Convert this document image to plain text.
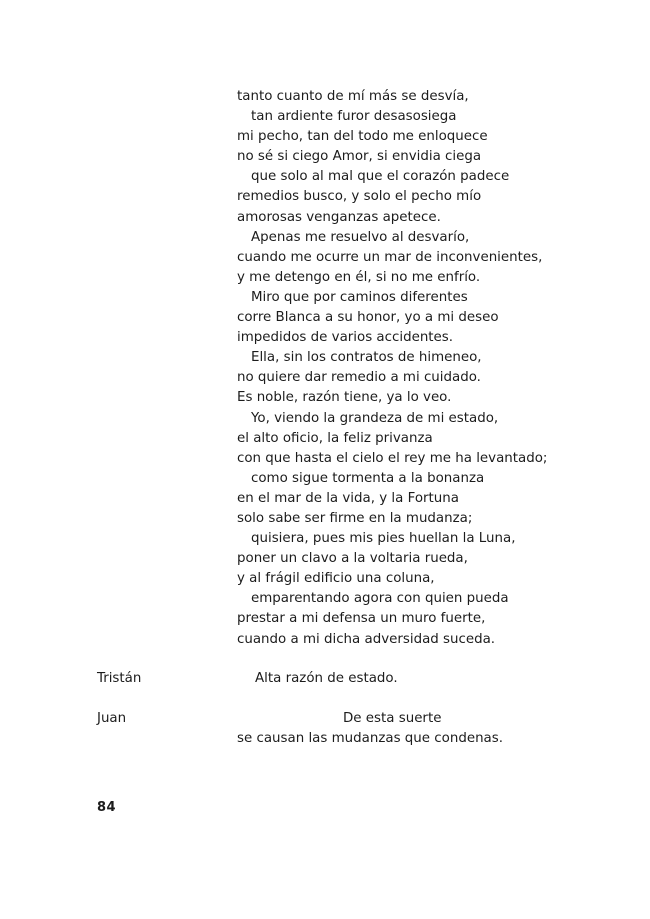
tanto cuanto de mí más se desvía,
tan ardiente furor desasosiega
mi pecho, tan del todo me enloquece
no sé si ciego Amor, si envidia ciega
que solo al mal que el corazón padece
remedios busco, y solo el pecho mío
amorosas venganzas apetece.
Apenas me resuelvo al desvarío,
cuando me ocurre un mar de inconvenientes,
y me detengo en él, si no me enfrío.
Miro que por caminos diferentes
corre Blanca a su honor, yo a mi deseo
impedidos de varios accidentes.
Ella, sin los contratos de himeneo,
no quiere dar remedio a mi cuidado.
Es noble, razón tiene, ya lo veo.
Yo, viendo la grandeza de mi estado,
el alto oficio, la feliz privanza
con que hasta el cielo el rey me ha levantado;
como sigue tormenta a la bonanza
en el mar de la vida, y la Fortuna
solo sabe ser firme en la mudanza;
quisiera, pues mis pies huellan la Luna,
poner un clavo a la voltaria rueda,
y al frágil edificio una coluna,
emparentando agora con quien pueda
prestar a mi defensa un muro fuerte,
cuando a mi dicha adversidad suceda.
Tristán	Alta razón de estado.
Juan	De esta suerte
se causan las mudanzas que condenas.
84
